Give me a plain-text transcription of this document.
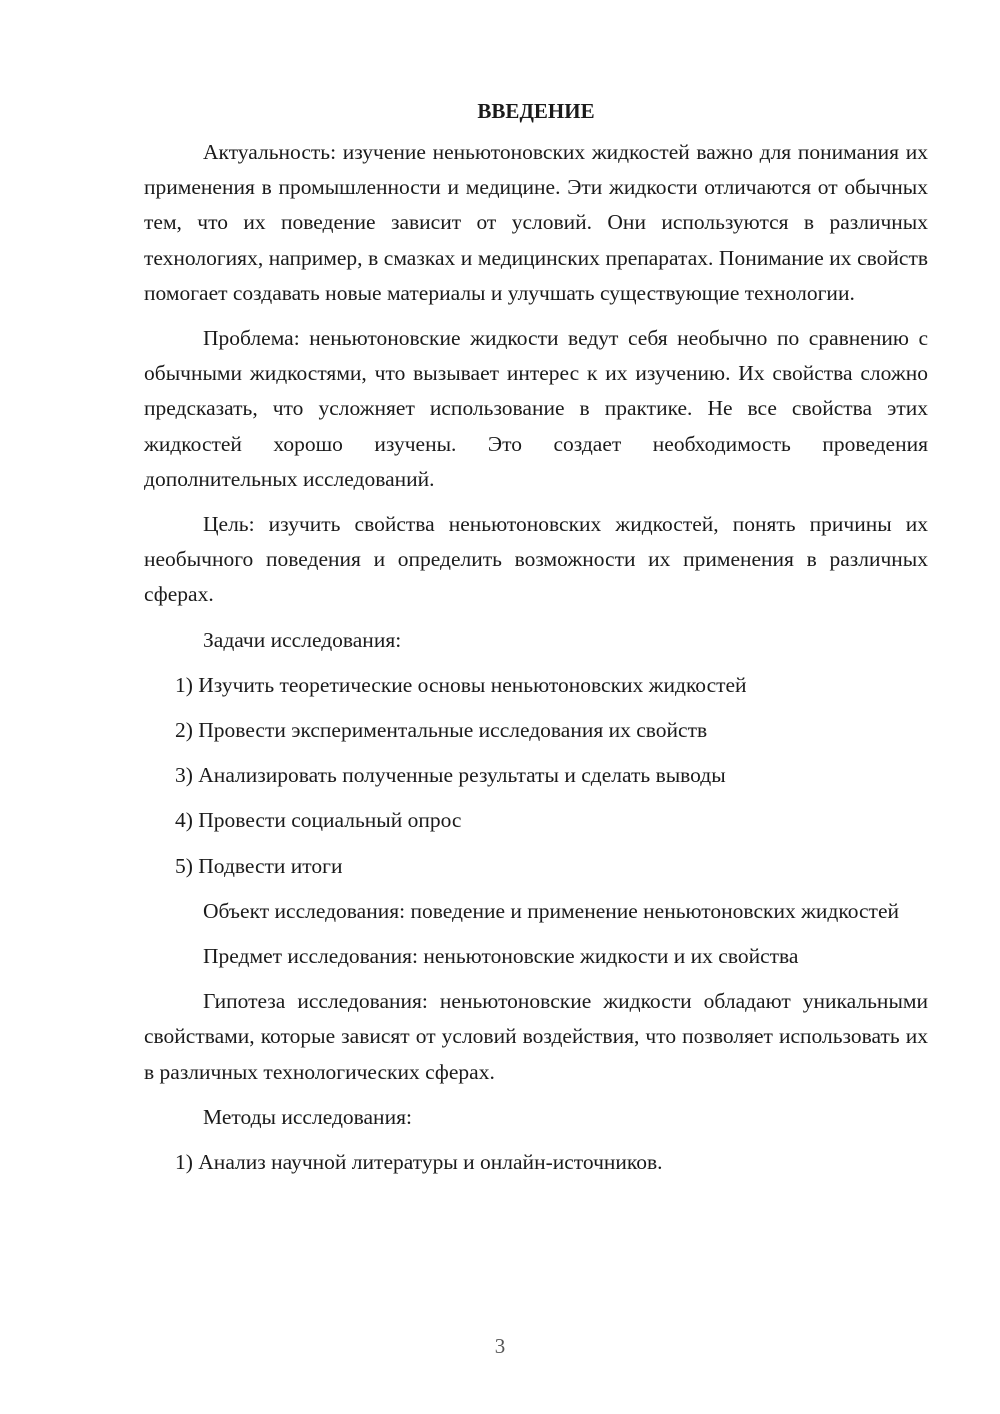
ВВЕДЕНИЕ

Актуальность: изучение неньютоновских жидкостей важно для понимания их применения в промышленности и медицине. Эти жидкости отличаются от обычных тем, что их поведение зависит от условий. Они используются в различных технологиях, например, в смазках и медицинских препаратах. Понимание их свойств помогает создавать новые материалы и улучшать существующие технологии.

Проблема: неньютоновские жидкости ведут себя необычно по сравнению с обычными жидкостями, что вызывает интерес к их изучению. Их свойства сложно предсказать, что усложняет использование в практике. Не все свойства этих жидкостей хорошо изучены. Это создает необходимость проведения дополнительных исследований.

Цель: изучить свойства неньютоновских жидкостей, понять причины их необычного поведения и определить возможности их применения в различных сферах.

Задачи исследования:
1) Изучить теоретические основы неньютоновских жидкостей
2) Провести экспериментальные исследования их свойств
3) Анализировать полученные результаты и сделать выводы
4) Провести социальный опрос
5) Подвести итоги

Объект исследования: поведение и применение неньютоновских жидкостей

Предмет исследования: неньютоновские жидкости и их свойства

Гипотеза исследования: неньютоновские жидкости обладают уникальными свойствами, которые зависят от условий воздействия, что позволяет использовать их в различных технологических сферах.

Методы исследования:
1) Анализ научной литературы и онлайн-источников.
3
